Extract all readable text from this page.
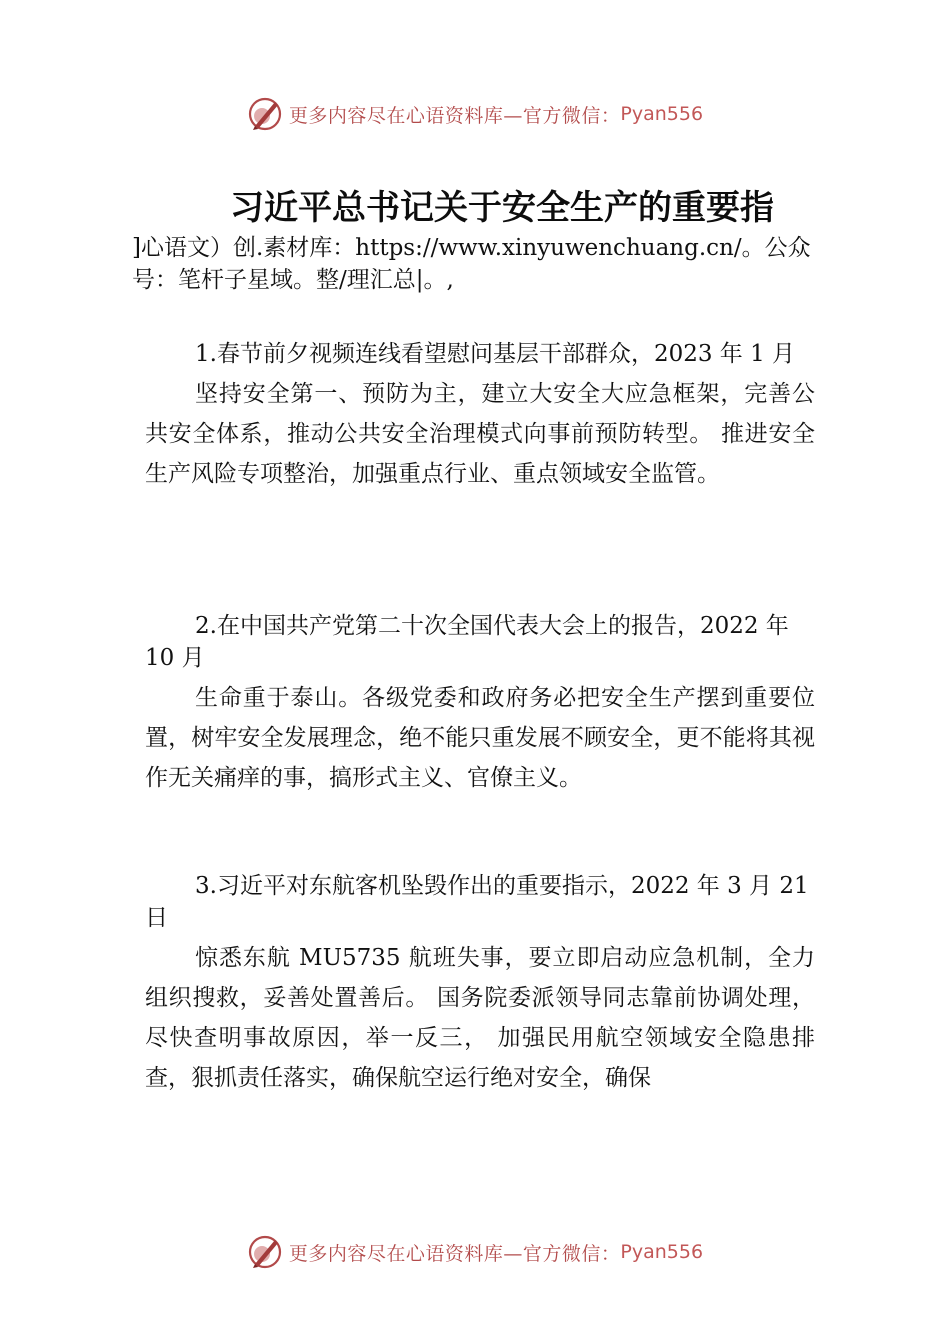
更多内容尽在心语资料库—官方微信： Pyan556
习近平总书记关于安全生产的重要指
]心语文）创.素材库：https://www.xinyuwenchuang.cn/。公众号：笔杆子星域。整/理汇总|。,

1.春节前夕视频连线看望慰问基层干部群众，2023 年 1 月

坚持安全第一、预防为主，建立大安全大应急框架，完善公共安全体系，推动公共安全治理模式向事前预防转型。 推进安全生产风险专项整治，加强重点行业、重点领域安全监管。

2.在中国共产党第二十次全国代表大会上的报告，2022 年 10 月

生命重于泰山。各级党委和政府务必把安全生产摆到重要位置，树牢安全发展理念，绝不能只重发展不顾安全，更不能将其视作无关痛痒的事，搞形式主义、官僚主义。

3.习近平对东航客机坠毁作出的重要指示，2022 年 3 月 21 日

惊悉东航 MU5735 航班失事，要立即启动应急机制，全力组织搜救，妥善处置善后。 国务院委派领导同志靠前协调处理，尽快查明事故原因，举一反三， 加强民用航空领域安全隐患排查，狠抓责任落实，确保航空运行绝对安全，确保

更多内容尽在心语资料库—官方微信： Pyan556
